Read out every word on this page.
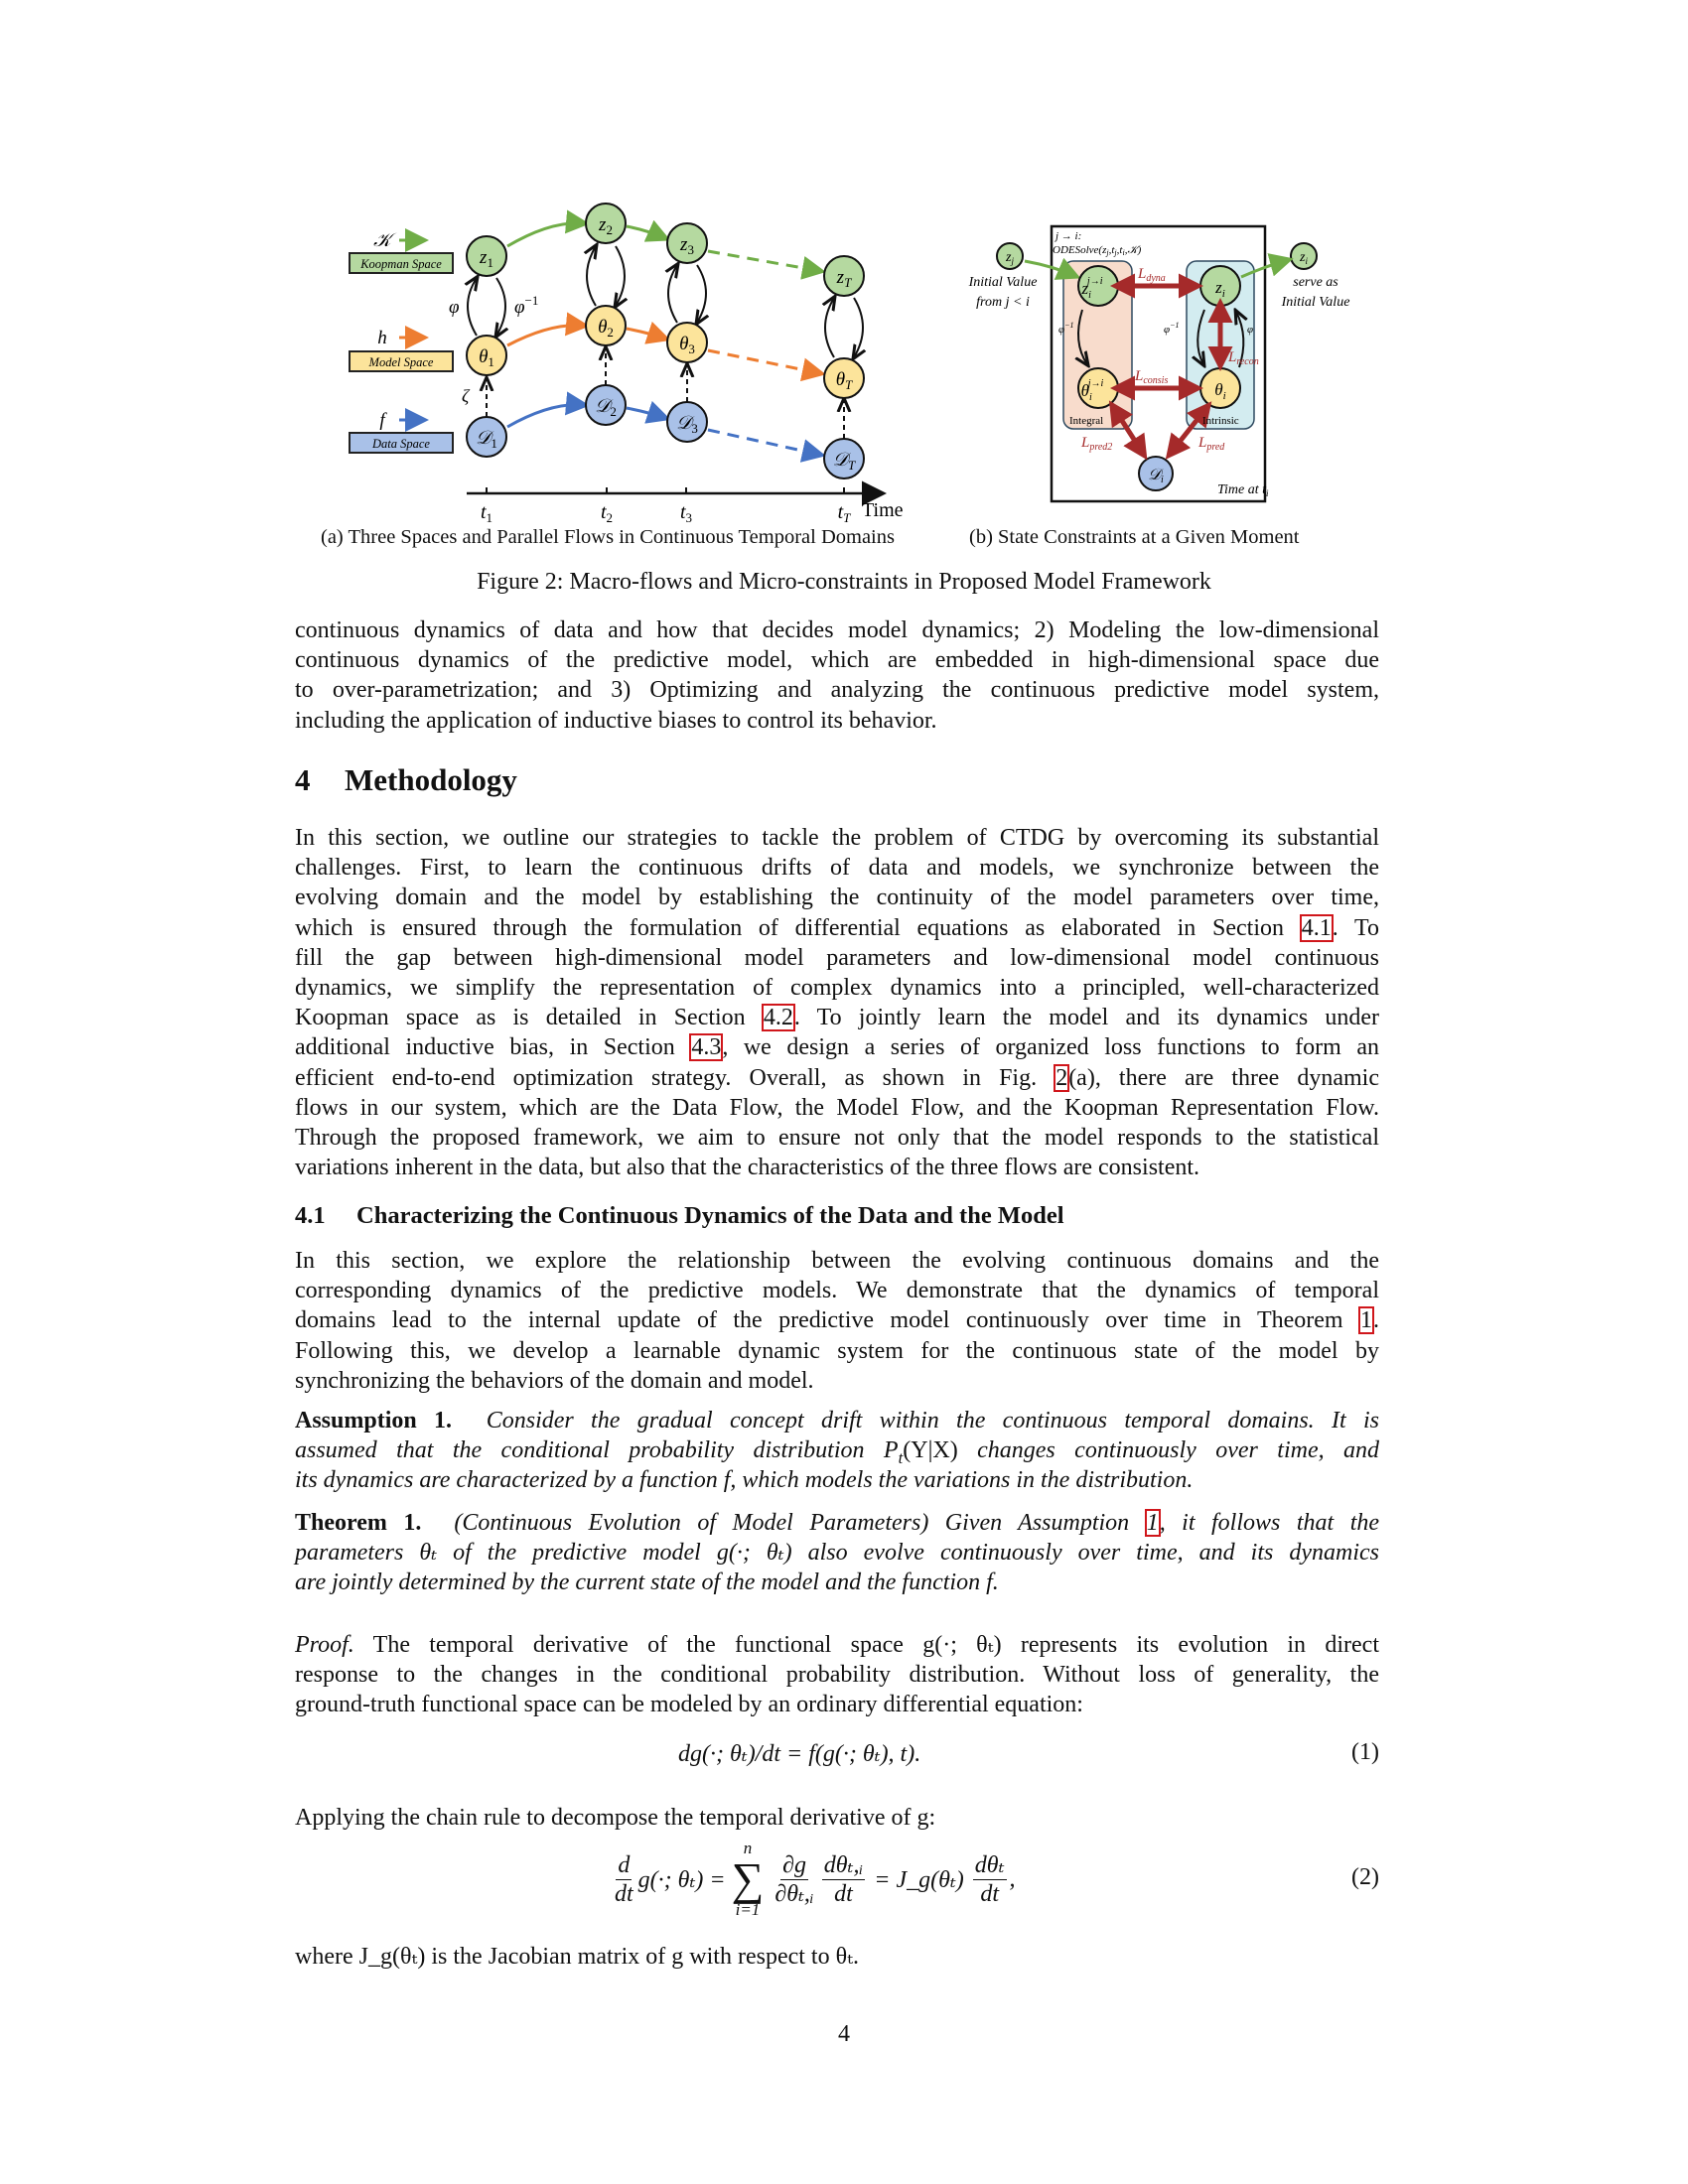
𝒦
Koopman Space
h
Model Space
f
Data Space
φ	$\varphi^{-1}$
ζ
$z_1$
$z_2$
$z_3$
$z_T$
$\theta_1$
$\theta_2$
$\theta_3$
$\theta_T$
𝒟$_1$
𝒟$_2$
𝒟$_3$
𝒟$_T$
$t_1$	$t_2$	$t_3$	$t_T$ Time
j → i:
ODESolve(zj,tj,ti,𝒦)
$z_j$
Initial Value
from j < i
$z_i$
serve as
Initial Value
$z_ij\to i$	$z_i$
$\theta_ij\to i$	$\theta_i$
𝒟i
$\varphi^{-1}$	$\varphi^{-1}$	φ
$L_{dyna}$
$L_{consis}$
$L_{recon}$
$L_{pred2}$	$L_{pred}$
Integral	Intrinsic
Time at $t_i$
(a) Three Spaces and Parallel Flows in Continuous Temporal Domains	(b) State Constraints at a Given Moment
Figure 2: Macro-flows and Micro-constraints in Proposed Model Framework
continuous dynamics of data and how that decides model dynamics; 2) Modeling the low-dimensional
continuous dynamics of the predictive model, which are embedded in high-dimensional space due
to over-parametrization; and 3) Optimizing and analyzing the continuous predictive model system,
including the application of inductive biases to control its behavior.
4 Methodology
In this section, we outline our strategies to tackle the problem of CTDG by overcoming its substantial
challenges. First, to learn the continuous drifts of data and models, we synchronize between the
evolving domain and the model by establishing the continuity of the model parameters over time,
which is ensured through the formulation of differential equations as elaborated in Section 4.1. To
fill the gap between high-dimensional model parameters and low-dimensional model continuous
dynamics, we simplify the representation of complex dynamics into a principled, well-characterized
Koopman space as is detailed in Section 4.2. To jointly learn the model and its dynamics under
additional inductive bias, in Section 4.3, we design a series of organized loss functions to form an
efficient end-to-end optimization strategy. Overall, as shown in Fig. 2(a), there are three dynamic
flows in our system, which are the Data Flow, the Model Flow, and the Koopman Representation Flow.
Through the proposed framework, we aim to ensure not only that the model responds to the statistical
variations inherent in the data, but also that the characteristics of the three flows are consistent.
4.1 Characterizing the Continuous Dynamics of the Data and the Model
In this section, we explore the relationship between the evolving continuous domains and the
corresponding dynamics of the predictive models. We demonstrate that the dynamics of temporal
domains lead to the internal update of the predictive model continuously over time in Theorem 1.
Following this, we develop a learnable dynamic system for the continuous state of the model by
synchronizing the behaviors of the domain and model.
Assumption 1. Consider the gradual concept drift within the continuous temporal domains. It is
assumed that the conditional probability distribution $P_t(Y|X)$ changes continuously over time, and
its dynamics are characterized by a function f, which models the variations in the distribution.
Theorem 1. (Continuous Evolution of Model Parameters) Given Assumption 1, it follows that the
parameters θₜ of the predictive model g(·; θₜ) also evolve continuously over time, and its dynamics
are jointly determined by the current state of the model and the function f.
Proof. The temporal derivative of the functional space g(·; θₜ) represents its evolution in direct
response to the changes in the conditional probability distribution. Without loss of generality, the
ground-truth functional space can be modeled by an ordinary differential equation:
dg(·; θₜ)/dt = f(g(·; θₜ), t).	(1)
Applying the chain rule to decompose the temporal derivative of g:
$\frac{d}{dt} g(\cdot$; θₜ) =
n
∑
i=1
$\frac{\partial g}{\text{∂θₜ,ᵢ}} \frac{\text{dθₜ,ᵢ}}{dt}$ = J_g(θₜ) $\frac{\text{dθₜ}}{dt}$ ,	(2)
where J_g(θₜ) is the Jacobian matrix of g with respect to θₜ.
4
